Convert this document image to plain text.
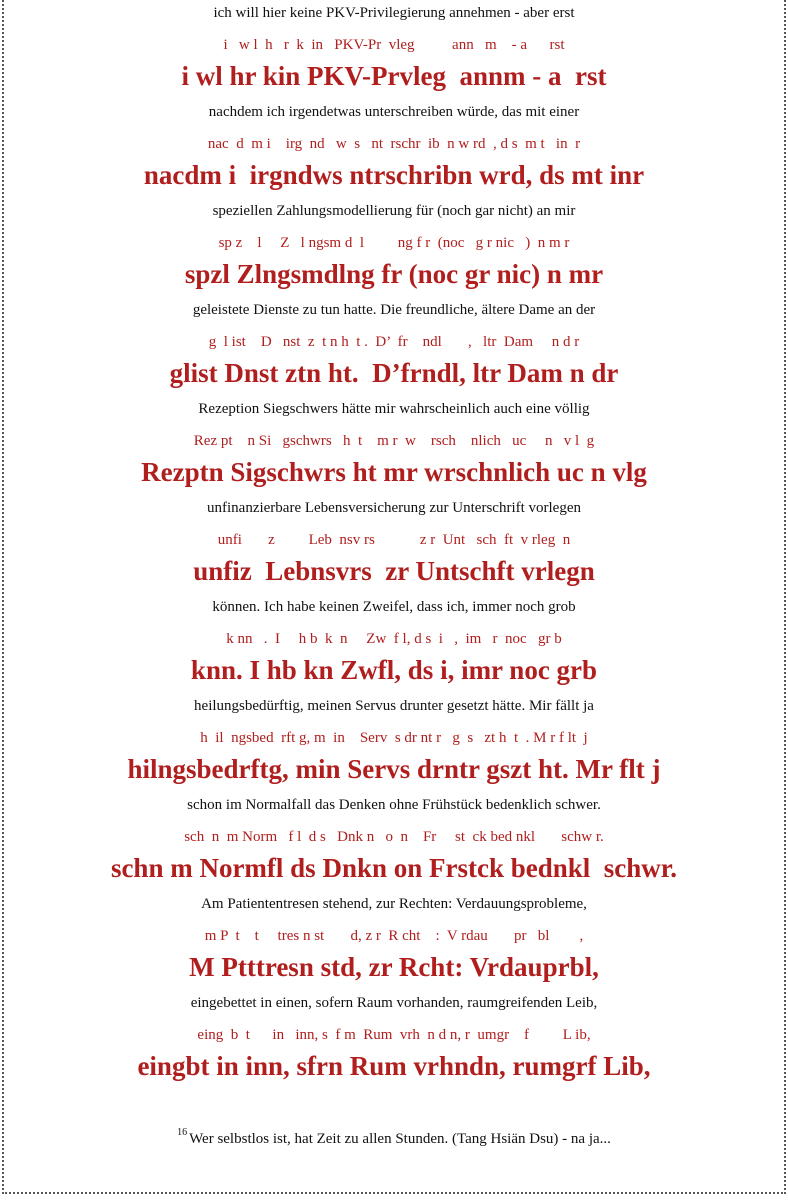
ich will hier keine PKV-Privilegierung annehmen - aber erst
i   w l  h   r  k  in   PKV-Pr  vleg          ann   m    - a      rst
i wl hr kin PKV-Prvleg  annm - a  rst
nachdem ich irgendetwas unterschreiben würde, das mit einer
nac  d  m i    irg  nd   w  s   nt  rschr  ib  n w rd  , d s  m t   in  r
nacdm i  irgndws ntrschribn wrd, ds mt inr
speziellen Zahlungsmodellierung für (noch gar nicht) an mir
sp z    l     Z   l ngsm d  l         ng f r  (noc   g r nic   )  n m r
spzl Zlngsmdlng fr (noc gr nic) n mr
geleistete Dienste zu tun hatte. Die freundliche, ältere Dame an der
g  l ist    D   nst  z  t n h  t .  D’  fr    ndl       ,   ltr  Dam     n d r
glist Dnst ztn ht.  D’frndl, ltr Dam n dr
Rezeption Siegschwers hätte mir wahrscheinlich auch eine völlig
Rez pt    n Si   gschwrs   h  t    m r  w    rsch    nlich   uc     n   v l  g
Rezptn Sigschwrs ht mr wrschnlich uc n vlg
unfinanzierbare Lebensversicherung zur Unterschrift vorlegen
unfi       z         Leb  nsv rs            z r  Unt   sch  ft  v rleg  n
unfiz  Lebnsvrs  zr Untschft vrlegn
können. Ich habe keinen Zweifel, dass ich, immer noch grob
k nn   .  I     h b  k  n     Zw  f l, d s  i   ,  im   r  noc   gr b
knn. I hb kn Zwfl, ds i, imr noc grb
heilungsbedürftig, meinen Servus drunter gesetzt hätte. Mir fällt ja
h  il  ngsbed  rft g, m  in    Serv  s dr nt r   g  s   zt h  t  . M r f lt  j
hilngsbedrftg, min Servs drntr gszt ht. Mr flt j
schon im Normalfall das Denken ohne Frühstück bedenklich schwer.
sch  n  m Norm   f l  d s   Dnk n   o  n    Fr     st  ck bed nkl       schw r.
schn m Normfl ds Dnkn on Frstck bednkl  schwr.
Am Patiententresen stehend, zur Rechten: Verdauungsprobleme,
m P  t    t     tres n st       d, z r  R cht    :  V rdau       pr   bl        ,
M Ptttresn std, zr Rcht: Vrdauprbl,
eingebettet in einen, sofern Raum vorhanden, raumgreifenden Leib,
eing  b  t      in   inn, s  f m  Rum  vrh  n d n, r  umgr    f         L ib,
eingbt in inn, sfrn Rum vrhndn, rumgrf Lib,
$^{16}$ Wer selbstlos ist, hat Zeit zu allen Stunden. (Tang Hsiän Dsu) - na ja...
